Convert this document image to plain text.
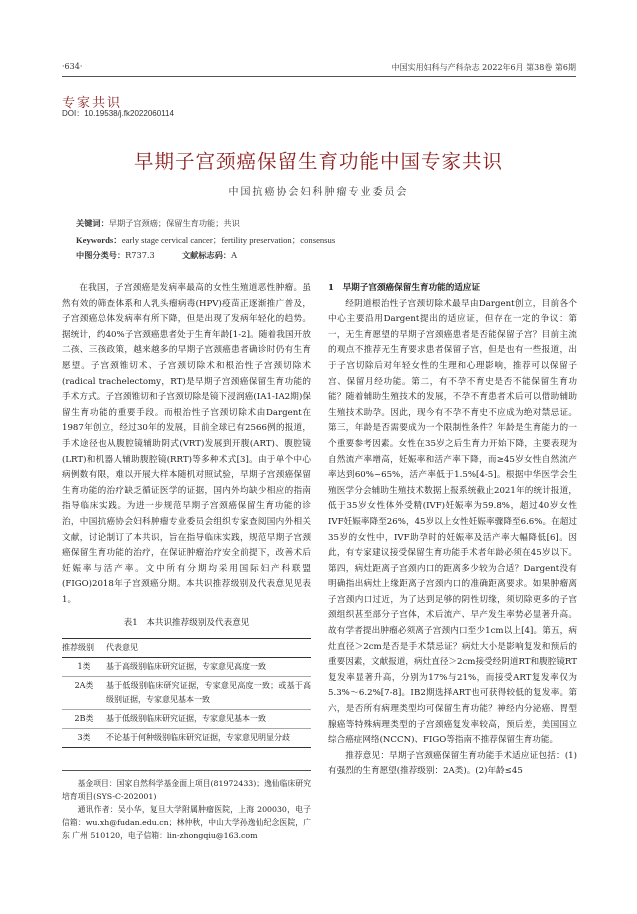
·634·	中国实用妇科与产科杂志 2022年6月 第38卷 第6期
专家共识
DOI：10.19538/j.fk2022060114
早期子宫颈癌保留生育功能中国专家共识
中国抗癌协会妇科肿瘤专业委员会
关键词：早期子宫颈癌；保留生育功能；共识
Keywords：early stage cervical cancer；fertility preservation；consensus
中图分类号：R737.3	文献标志码：A

在我国，子宫颈癌是发病率最高的女性生殖道恶性肿瘤。虽然有效的筛查体系和人乳头瘤病毒(HPV)疫苗正逐渐推广普及，子宫颈癌总体发病率有所下降，但是出现了发病年轻化的趋势。据统计，约40%子宫颈癌患者处于生育年龄[1-2]。随着我国开放二孩、三孩政策，越来越多的早期子宫颈癌患者确诊时仍有生育愿望。子宫颈锥切术、子宫颈切除术和根治性子宫颈切除术(radical trachelectomy，RT)是早期子宫颈癌保留生育功能的手术方式。子宫颈锥切和子宫颈切除是镜下浸润癌(ⅠA1-ⅠA2期)保留生育功能的重要手段。而根治性子宫颈切除术由Dargent在1987年创立，经过30年的发展，目前全球已有2566例的报道，手术途径也从腹腔镜辅助阴式(VRT)发展到开腹(ART)、腹腔镜(LRT)和机器人辅助腹腔镜(RRT)等多种术式[3]。由于单个中心病例数有限，难以开展大样本随机对照试验，早期子宫颈癌保留生育功能的治疗缺乏循证医学的证据，国内外均缺少相应的指南指导临床实践。为进一步规范早期子宫颈癌保留生育功能的诊治，中国抗癌协会妇科肿瘤专业委员会组织专家查阅国内外相关文献，讨论制订了本共识，旨在指导临床实践，规范早期子宫颈癌保留生育功能的治疗，在保证肿瘤治疗安全前提下，改善术后妊娠率与活产率。文中所有分期均采用国际妇产科联盟(FIGO)2018年子宫颈癌分期。本共识推荐级别及代表意见见表1。

表1　本共识推荐级别及代表意见
推荐级别	代表意见
1类	基于高级别临床研究证据，专家意见高度一致
2A类	基于低级别临床研究证据，专家意见高度一致；或基于高级别证据，专家意见基本一致
2B类	基于低级别临床研究证据，专家意见基本一致
3类	不论基于何种级别临床研究证据，专家意见明显分歧

基金项目：国家自然科学基金面上项目(81972433)；逸仙临床研究培育项目(SYS-C-202001)

通讯作者：吴小华，复旦大学附属肿瘤医院，上海 200030，电子信箱：wu.xh@fudan.edu.cn；林仲秋，中山大学孙逸仙纪念医院，广东 广州 510120，电子信箱：lin-zhongqiu@163.com

1　早期子宫颈癌保留生育功能的适应证

经阴道根治性子宫颈切除术最早由Dargent创立，目前各个中心主要沿用Dargent提出的适应证，但存在一定的争议：第一，无生育愿望的早期子宫颈癌患者是否能保留子宫？目前主流的观点不推荐无生育要求患者保留子宫，但是也有一些报道，出于子宫切除后对年轻女性的生理和心理影响，推荐可以保留子宫、保留月经功能。第二，有不孕不育史是否不能保留生育功能？随着辅助生殖技术的发展，不孕不育患者术后可以借助辅助生殖技术助孕。因此，现今有不孕不育史不应成为绝对禁忌证。第三，年龄是否需要成为一个限制性条件？年龄是生育能力的一个重要参考因素。女性在35岁之后生育力开始下降，主要表现为自然流产率增高，妊娠率和活产率下降，而≥45岁女性自然流产率达到60%~65%，活产率低于1.5%[4-5]。根据中华医学会生殖医学分会辅助生殖技术数据上报系统截止2021年的统计报道，低于35岁女性体外受精(IVF)妊娠率为59.8%，超过40岁女性IVF妊娠率降至26%，45岁以上女性妊娠率骤降至6.6%。在超过35岁的女性中，IVF助孕时的妊娠率及活产率大幅降低[6]。因此，有专家建议接受保留生育功能手术者年龄必须在45岁以下。第四，病灶距离子宫颈内口的距离多少较为合适？Dargent没有明确指出病灶上缘距离子宫颈内口的准确距离要求。如果肿瘤离子宫颈内口过近，为了达到足够的阴性切缘，须切除更多的子宫颈组织甚至部分子宫体，术后流产、早产发生率势必显著升高。故有学者提出肿瘤必须离子宫颈内口至少1cm以上[4]。第五，病灶直径＞2cm是否是手术禁忌证？病灶大小是影响复发和预后的重要因素，文献报道，病灶直径＞2cm接受经阴道RT和腹腔镜RT复发率显著升高，分别为17%与21%，而接受ART复发率仅为5.3%～6.2%[7-8]。ⅠB2期选择ART也可获得较低的复发率。第六，是否所有病理类型均可保留生育功能？神经内分泌癌、胃型腺癌等特殊病理类型的子宫颈癌复发率较高，预后差，美国国立综合癌症网络(NCCN)、FIGO等指南不推荐保留生育功能。

推荐意见：早期子宫颈癌保留生育功能手术适应证包括：(1)有强烈的生育愿望(推荐级别：2A类)。(2)年龄≤45
